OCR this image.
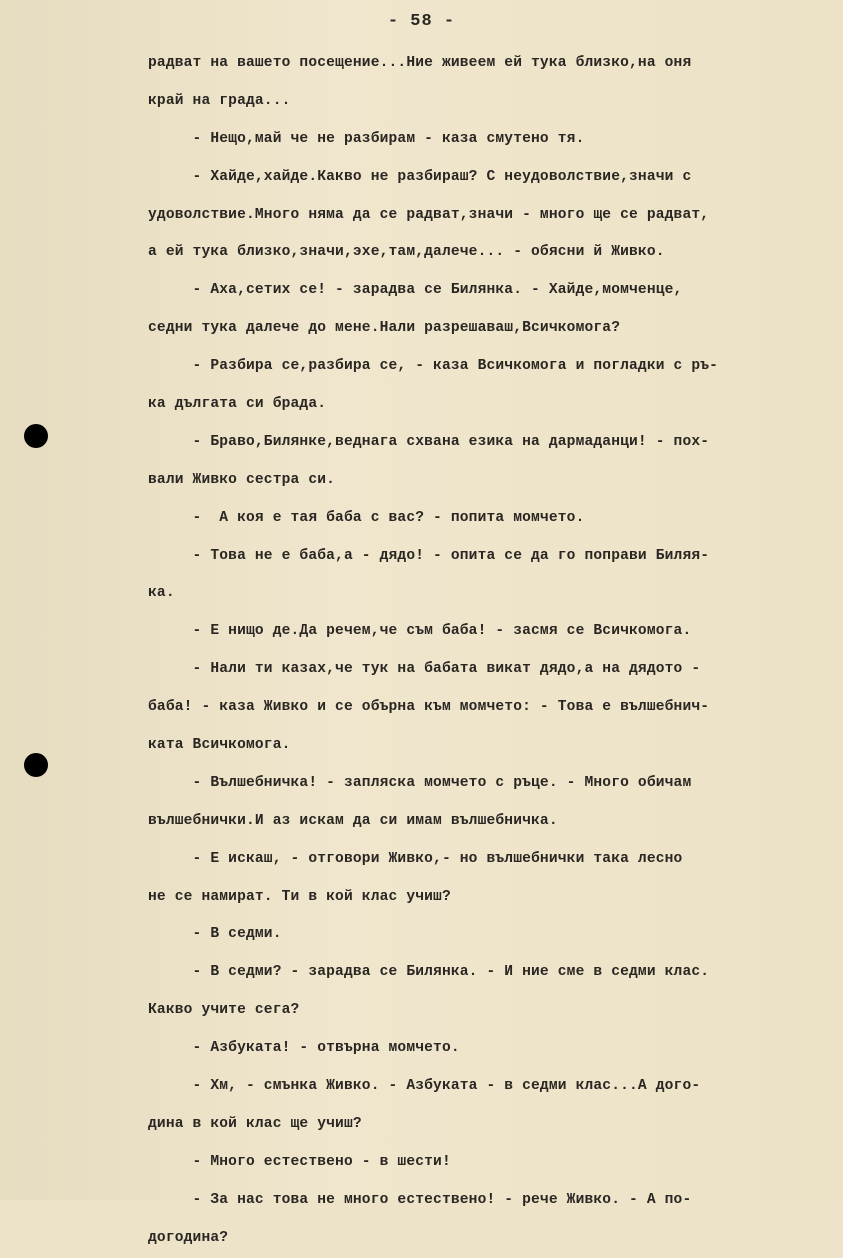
- 58 -
радват на вашето посещение...Ние живеем ей тука близко,на оня
край на града...
- Нещо,май че не разбирам - каза смутено тя.
- Хайде,хайде.Какво не разбираш? С неудоволствие,значи с
удоволствие.Много няма да се радват,значи - много ще се радват,
а ей тука близко,значи,эхе,там,далече... - обясни й Живко.
- Аха,сетих се! - зарадва се Билянка. - Хайде,момченце,
седни тука далече до мене.Нали разрешаваш,Всичкомога?
- Разбира се,разбира се, - каза Всичкомога и погладки с ръ-
ка дългата си брада.
- Браво,Билянке,веднага схвана езика на дармаданци! - пох-
вали Живко сестра си.
-  А коя е тая баба с вас? - попита момчето.
- Това не е баба,а - дядо! - опита се да го поправи Биляя-
ка.
- Е нищо де.Да речем,че съм баба! - засмя се Всичкомога.
- Нали ти казах,че тук на бабата викат дядо,а на дядото -
баба! - каза Живко и се обърна към момчето: - Това е вълшебнич-
ката Всичкомога.
- Вълшебничка! - запляска момчето с ръце. - Много обичам
вълшебнички.И аз искам да си имам вълшебничка.
- Е искаш, - отговори Живко,- но вълшебнички така лесно
не се намират. Ти в кой клас учиш?
- В седми.
- В седми? - зарадва се Билянка. - И ние сме в седми клас.
Какво учите сега?
- Азбуката! - отвърна момчето.
- Хм, - смънка Живко. - Азбуката - в седми клас...А дого-
дина в кой клас ще учиш?
- Много естествено - в шести!
- За нас това не много естествено! - рече Живко. - А по-
догодина?
